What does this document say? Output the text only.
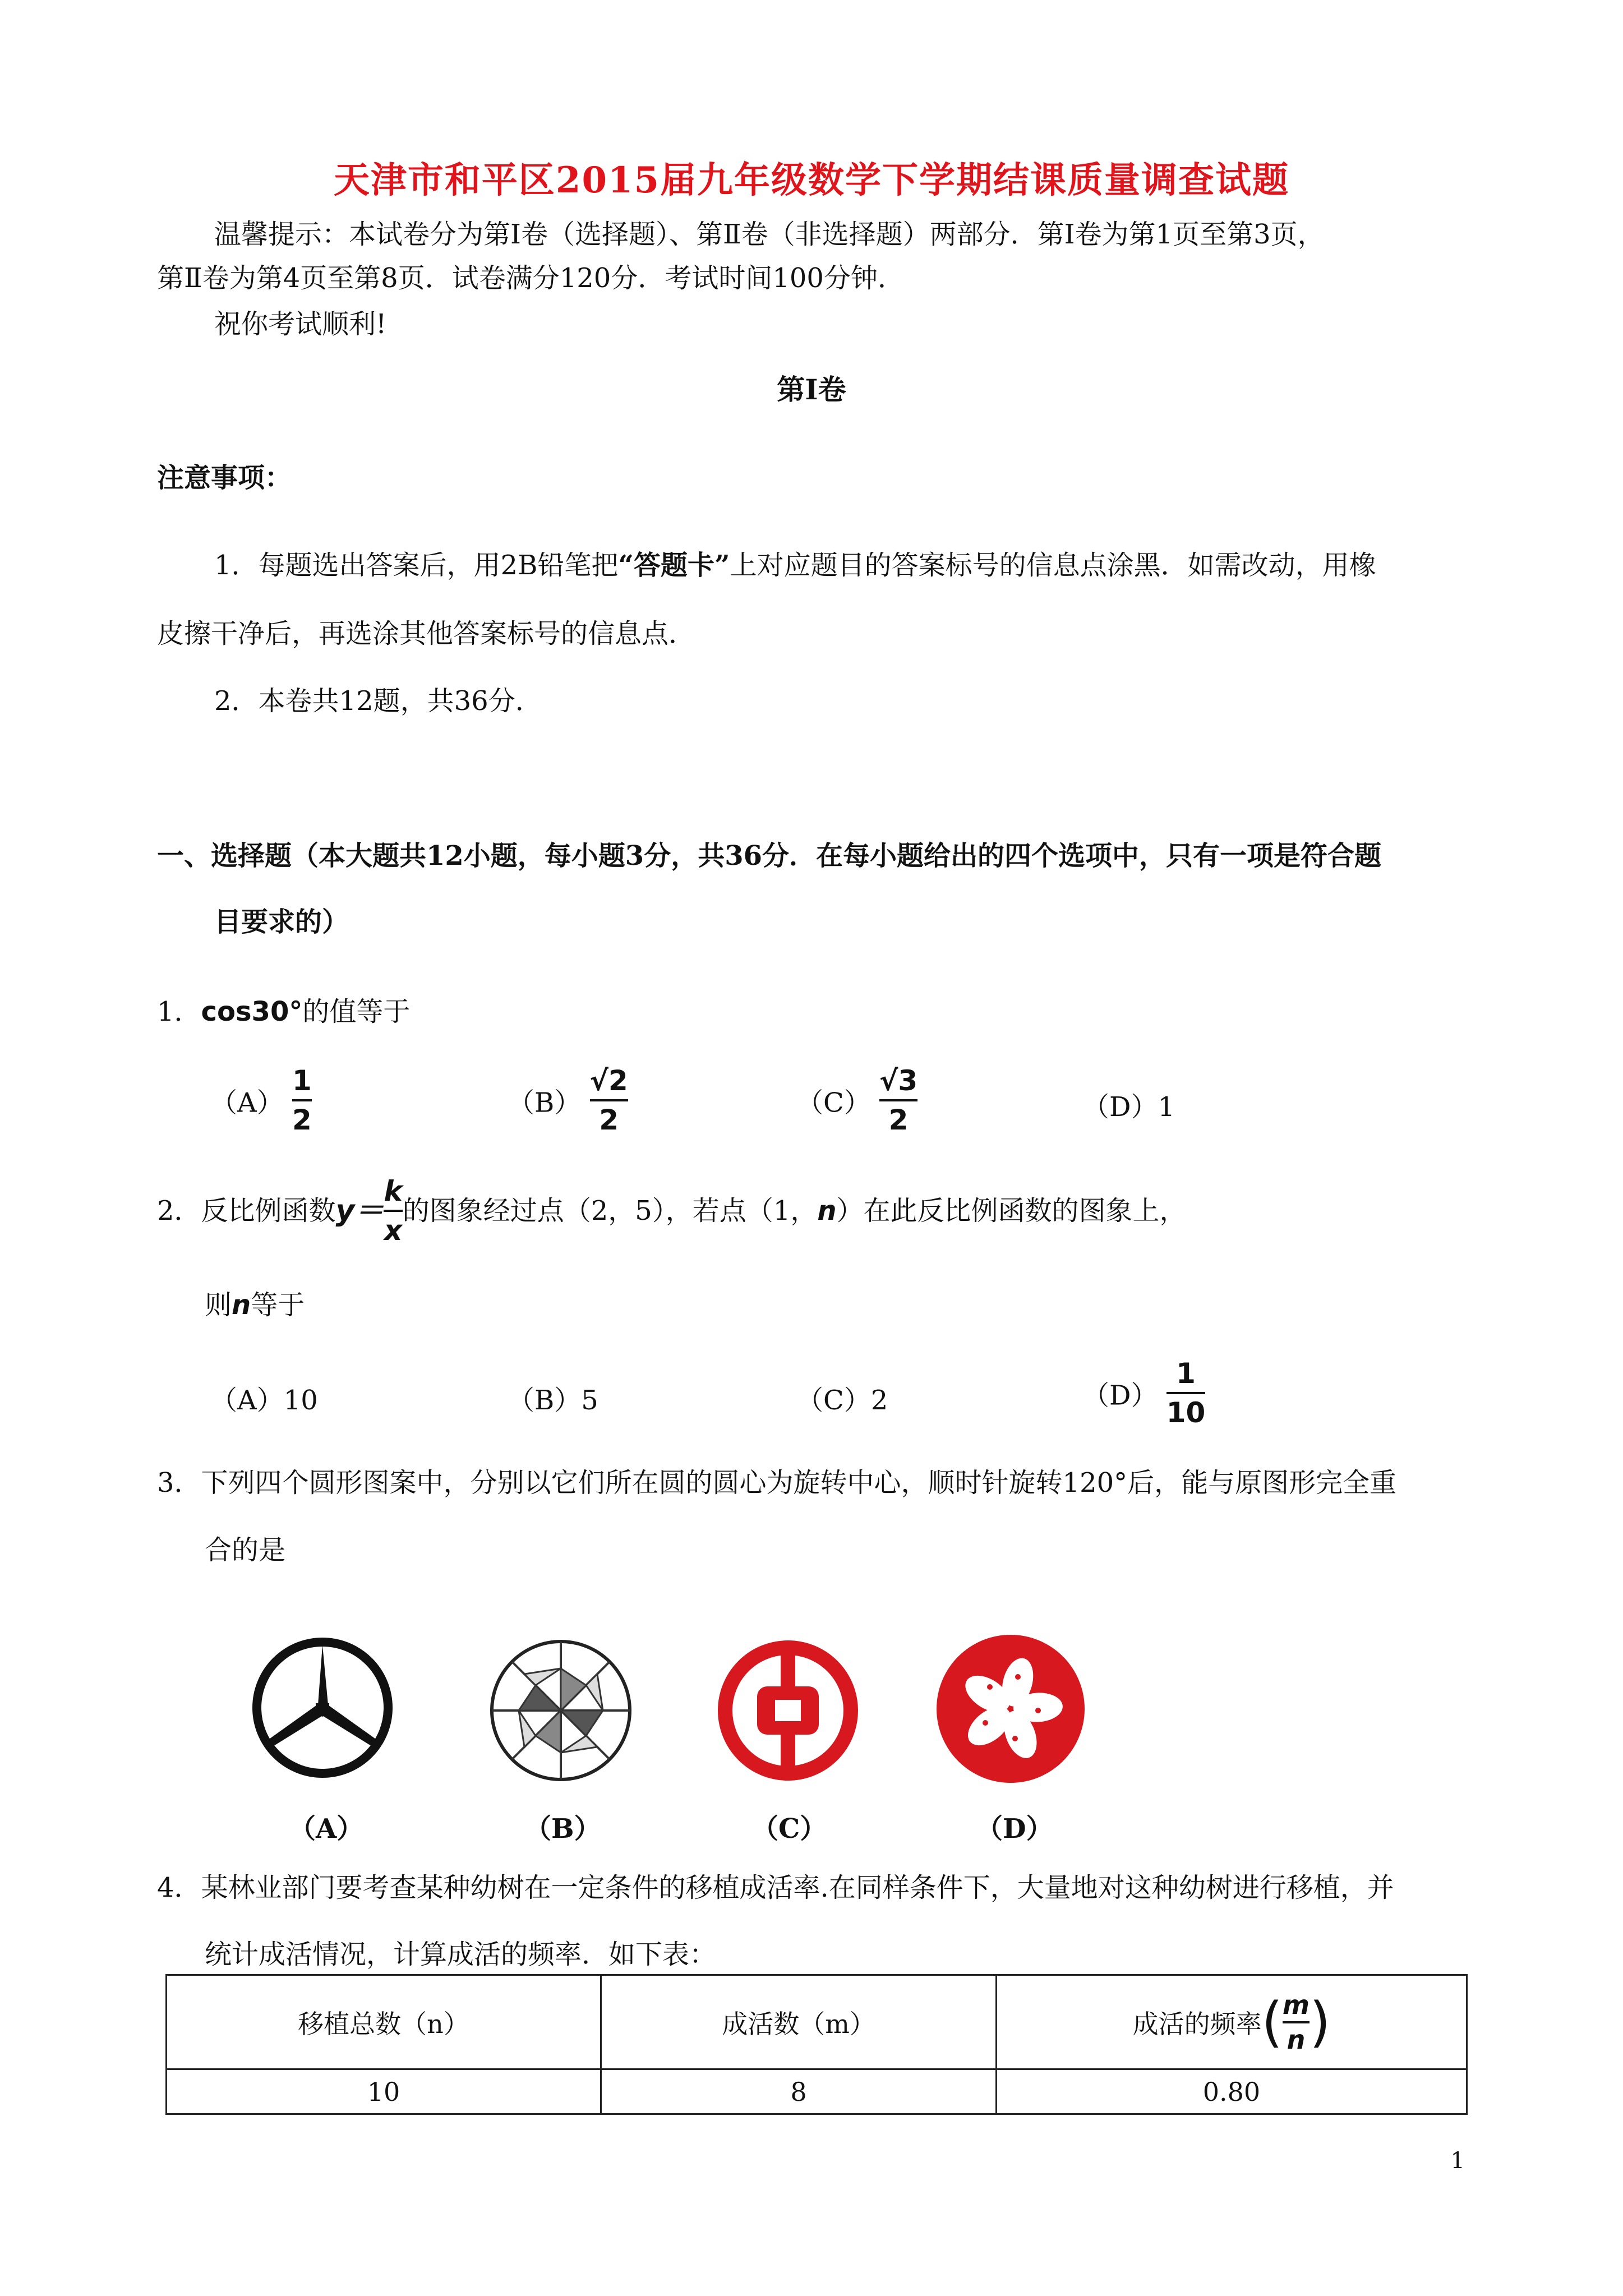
天津市和平区2015届九年级数学下学期结课质量调查试题
温馨提示：本试卷分为第Ⅰ卷（选择题）、第Ⅱ卷（非选择题）两部分．第Ⅰ卷为第1页至第3页，
第Ⅱ卷为第4页至第8页．试卷满分120分．考试时间100分钟．
祝你考试顺利!
第Ⅰ卷
注意事项：
1．每题选出答案后，用2B铅笔把“答题卡”上对应题目的答案标号的信息点涂黑．如需改动，用橡
皮擦干净后，再选涂其他答案标号的信息点．
2．本卷共12题，共36分．
一、选择题（本大题共12小题，每小题3分，共36分．在每小题给出的四个选项中，只有一项是符合题
目要求的）
1．cos30°的值等于
$(A) \frac{1}{2}$	$(B) \frac{√2}{2}$	$(C) \frac{√3}{2}$	（D）1
2．反比例函数$y= \frac{k}{x}$ 的图象经过点（2，5），若点（1，n）在此反比例函数的图象上，
则n等于
（A）10	（B）5	（C）2	$(D) \frac{1}{10}$
3．下列四个圆形图案中，分别以它们所在圆的圆心为旋转中心，顺时针旋转120°后，能与原图形完全重
合的是
（A）	（B）	（C）	（D）
4．某林业部门要考查某种幼树在一定条件的移植成活率.在同样条件下，大量地对这种幼树进行移植，并
统计成活情况，计算成活的频率．如下表：
移植总数（n）	成活数（m）	成活的频率( $\frac{m}{n}$ )
10	8	0.80
1
